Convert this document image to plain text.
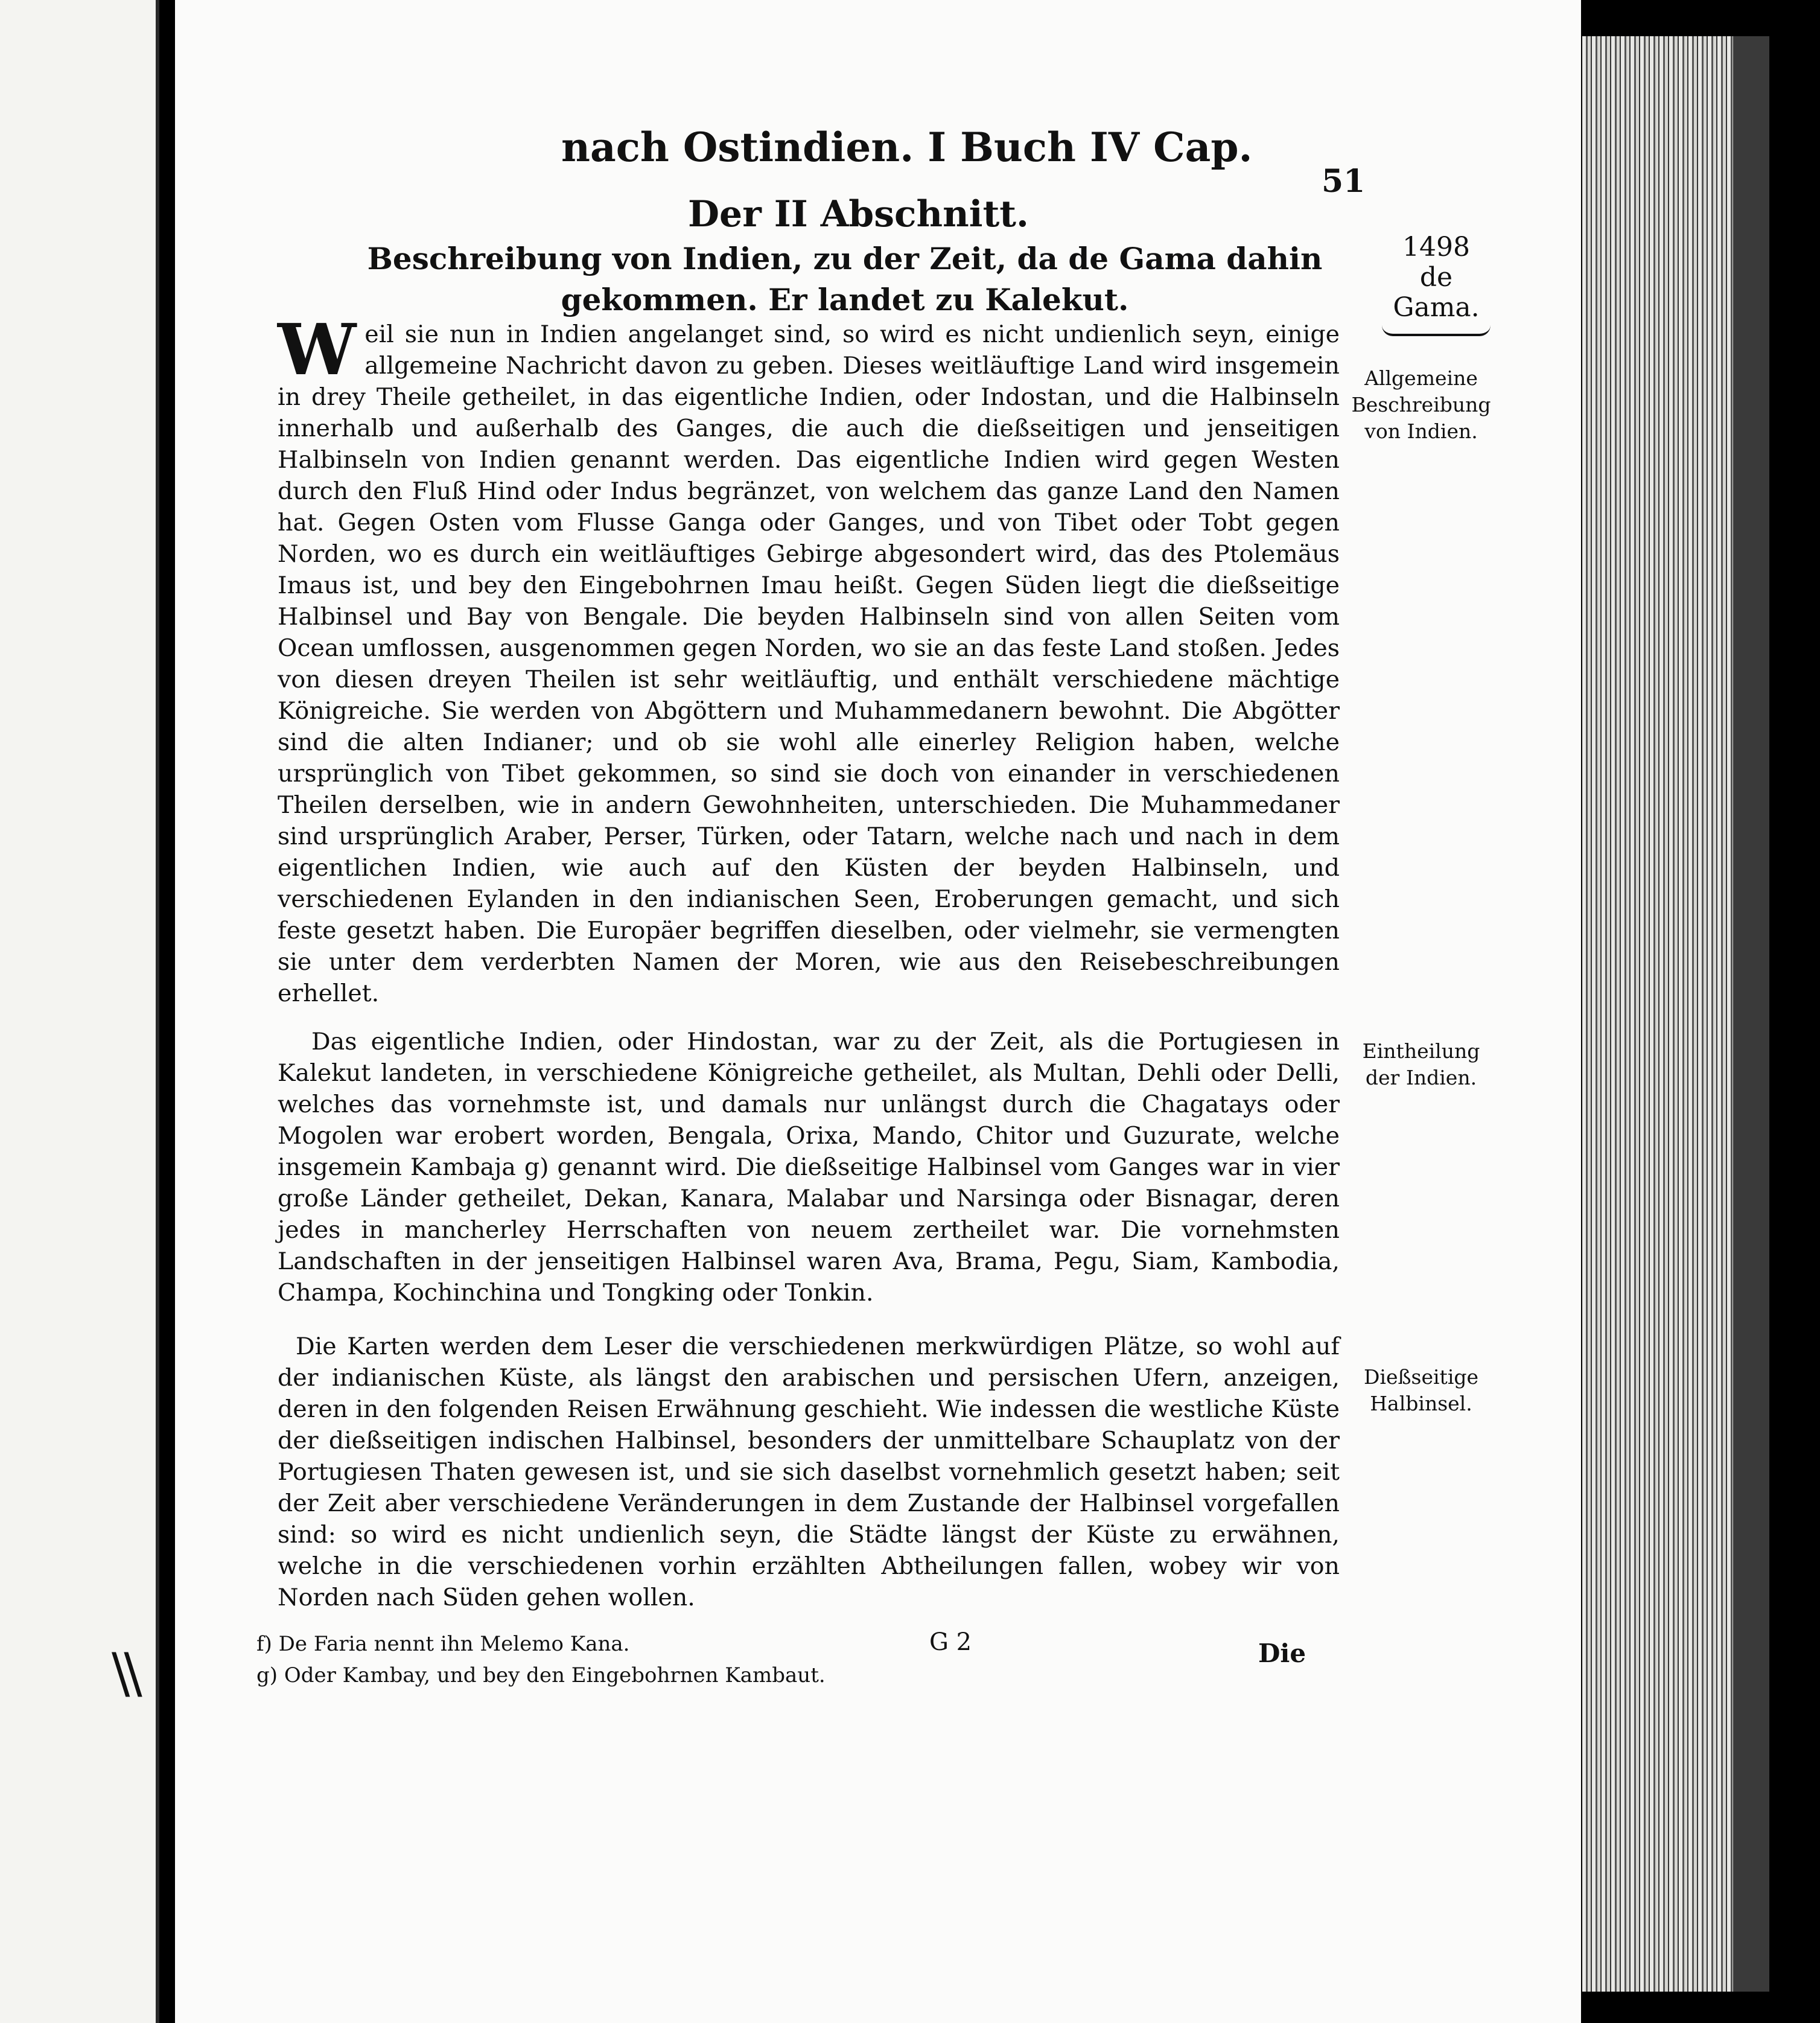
\\
nach Ostindien. I Buch IV Cap.
51
Der II Abschnitt.
Beschreibung von Indien, zu der Zeit, da de Gama dahin gekommen. Er landet zu Kalekut.
1498
de Gama.
Allgemeine Beschreibung von Indien.
Eintheilung der Indien.
Dießseitige Halbinsel.

Weil sie nun in Indien angelanget sind, so wird es nicht undienlich seyn, einige allgemeine Nachricht davon zu geben. Dieses weitläuftige Land wird insgemein in drey Theile getheilet, in das eigentliche Indien, oder Indostan, und die Halbinseln innerhalb und außerhalb des Ganges, die auch die dießseitigen und jenseitigen Halbinseln von Indien genannt werden. Das eigentliche Indien wird gegen Westen durch den Fluß Hind oder Indus begränzet, von welchem das ganze Land den Namen hat. Gegen Osten vom Flusse Ganga oder Ganges, und von Tibet oder Tobt gegen Norden, wo es durch ein weitläuftiges Gebirge abgesondert wird, das des Ptolemäus Imaus ist, und bey den Eingebohrnen Imau heißt. Gegen Süden liegt die dießseitige Halbinsel und Bay von Bengale. Die beyden Halbinseln sind von allen Seiten vom Ocean umflossen, ausgenommen gegen Norden, wo sie an das feste Land stoßen. Jedes von diesen dreyen Theilen ist sehr weitläuftig, und enthält verschiedene mächtige Königreiche. Sie werden von Abgöttern und Muhammedanern bewohnt. Die Abgötter sind die alten Indianer; und ob sie wohl alle einerley Religion haben, welche ursprünglich von Tibet gekommen, so sind sie doch von einander in verschiedenen Theilen derselben, wie in andern Gewohnheiten, unterschieden. Die Muhammedaner sind ursprünglich Araber, Perser, Türken, oder Tatarn, welche nach und nach in dem eigentlichen Indien, wie auch auf den Küsten der beyden Halbinseln, und verschiedenen Eylanden in den indianischen Seen, Eroberungen gemacht, und sich feste gesetzt haben. Die Europäer begriffen dieselben, oder vielmehr, sie vermengten sie unter dem verderbten Namen der Moren, wie aus den Reisebeschreibungen erhellet.

Das eigentliche Indien, oder Hindostan, war zu der Zeit, als die Portugiesen in Kalekut landeten, in verschiedene Königreiche getheilet, als Multan, Dehli oder Delli, welches das vornehmste ist, und damals nur unlängst durch die Chagatays oder Mogolen war erobert worden, Bengala, Orixa, Mando, Chitor und Guzurate, welche insgemein Kambaja g) genannt wird. Die dießseitige Halbinsel vom Ganges war in vier große Länder getheilet, Dekan, Kanara, Malabar und Narsinga oder Bisnagar, deren jedes in mancherley Herrschaften von neuem zertheilet war. Die vornehmsten Landschaften in der jenseitigen Halbinsel waren Ava, Brama, Pegu, Siam, Kambodia, Champa, Kochinchina und Tongking oder Tonkin.

Die Karten werden dem Leser die verschiedenen merkwürdigen Plätze, so wohl auf der indianischen Küste, als längst den arabischen und persischen Ufern, anzeigen, deren in den folgenden Reisen Erwähnung geschieht. Wie indessen die westliche Küste der dießseitigen indischen Halbinsel, besonders der unmittelbare Schauplatz von der Portugiesen Thaten gewesen ist, und sie sich daselbst vornehmlich gesetzt haben; seit der Zeit aber verschiedene Veränderungen in dem Zustande der Halbinsel vorgefallen sind: so wird es nicht undienlich seyn, die Städte längst der Küste zu erwähnen, welche in die verschiedenen vorhin erzählten Abtheilungen fallen, wobey wir von Norden nach Süden gehen wollen.

f) De Faria nennt ihn Melemo Kana.
g) Oder Kambay, und bey den Eingebohrnen Kambaut.
G 2	Die
